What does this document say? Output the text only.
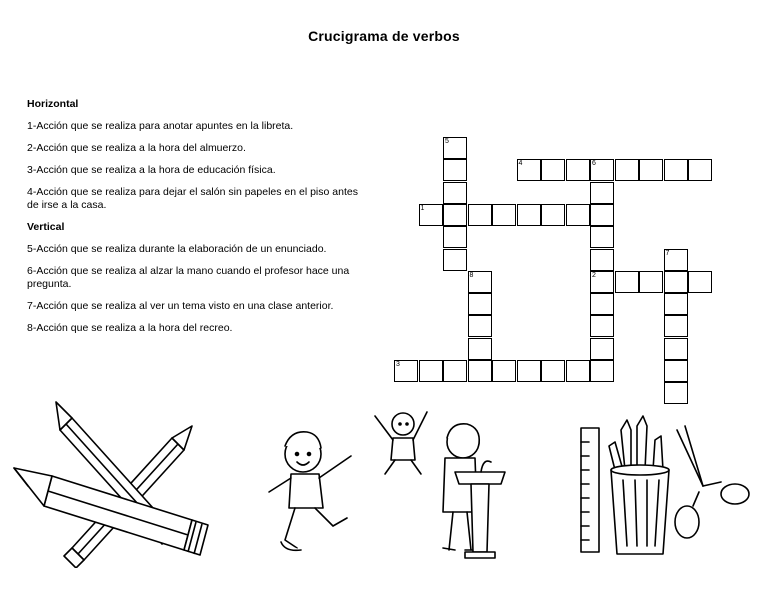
Crucigrama de verbos
Horizontal
1-Acción que se realiza para anotar apuntes en la libreta.
2-Acción que se realiza a la hora del almuerzo.
3-Acción que se realiza a la hora de educación física.
4-Acción que se realiza para dejar el salón sin papeles en el piso antes de irse a la casa.
Vertical
5-Acción que se realiza durante la elaboración de un enunciado.
6-Acción que se realiza al alzar la mano cuando el profesor hace una pregunta.
7-Acción que se realiza al ver un tema visto en una clase anterior.
8-Acción que se realiza a la hora del recreo.
1
2
3
4	6
5
7
8
